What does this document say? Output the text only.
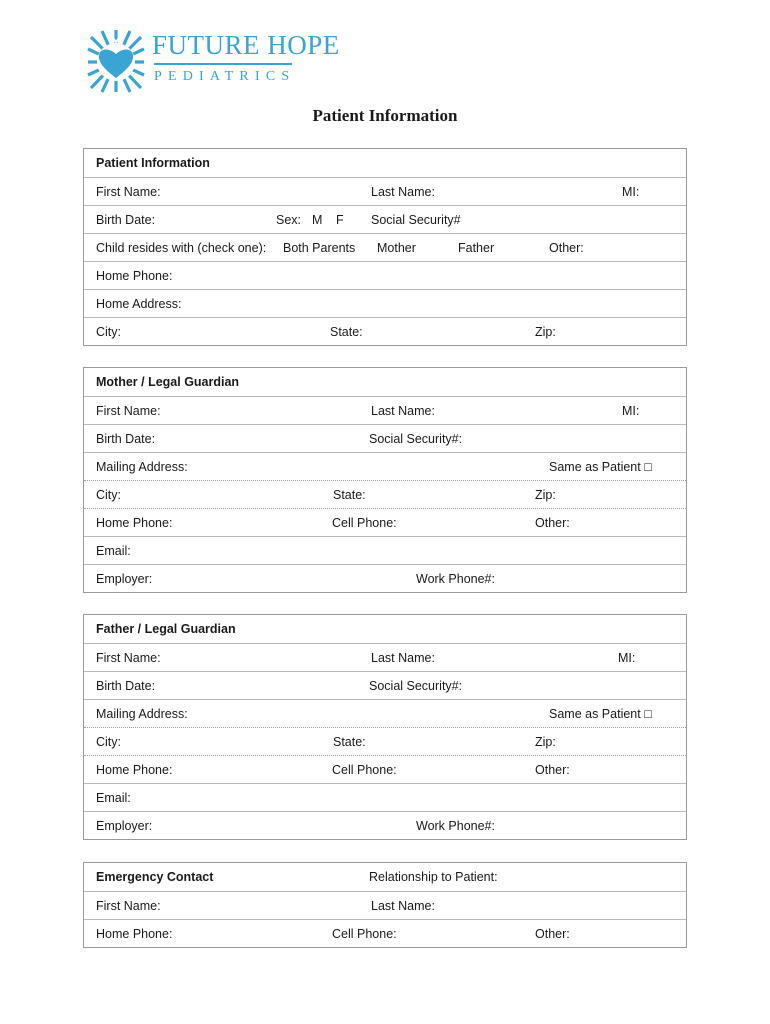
FUTURE HOPE
PEDIATRICS
Patient Information
Patient Information
First Name:	Last Name:	MI:
Birth Date:	Sex: M F Social Security#
Child resides with (check one): Both Parents Mother	Father	Other:
Home Phone:
Home Address:
City:	State:	Zip:
Mother / Legal Guardian
First Name:	Last Name:	MI:
Birth Date:	Social Security#:
Mailing Address:	Same as Patient □
City:	State:	Zip:
Home Phone:	Cell Phone:	Other:
Email:
Employer:	Work Phone#:
Father / Legal Guardian
First Name:	Last Name:	MI:
Birth Date:	Social Security#:
Mailing Address:	Same as Patient □
City:	State:	Zip:
Home Phone:	Cell Phone:	Other:
Email:
Employer:	Work Phone#:
Emergency Contact	Relationship to Patient:
First Name:	Last Name:
Home Phone:	Cell Phone:	Other:
